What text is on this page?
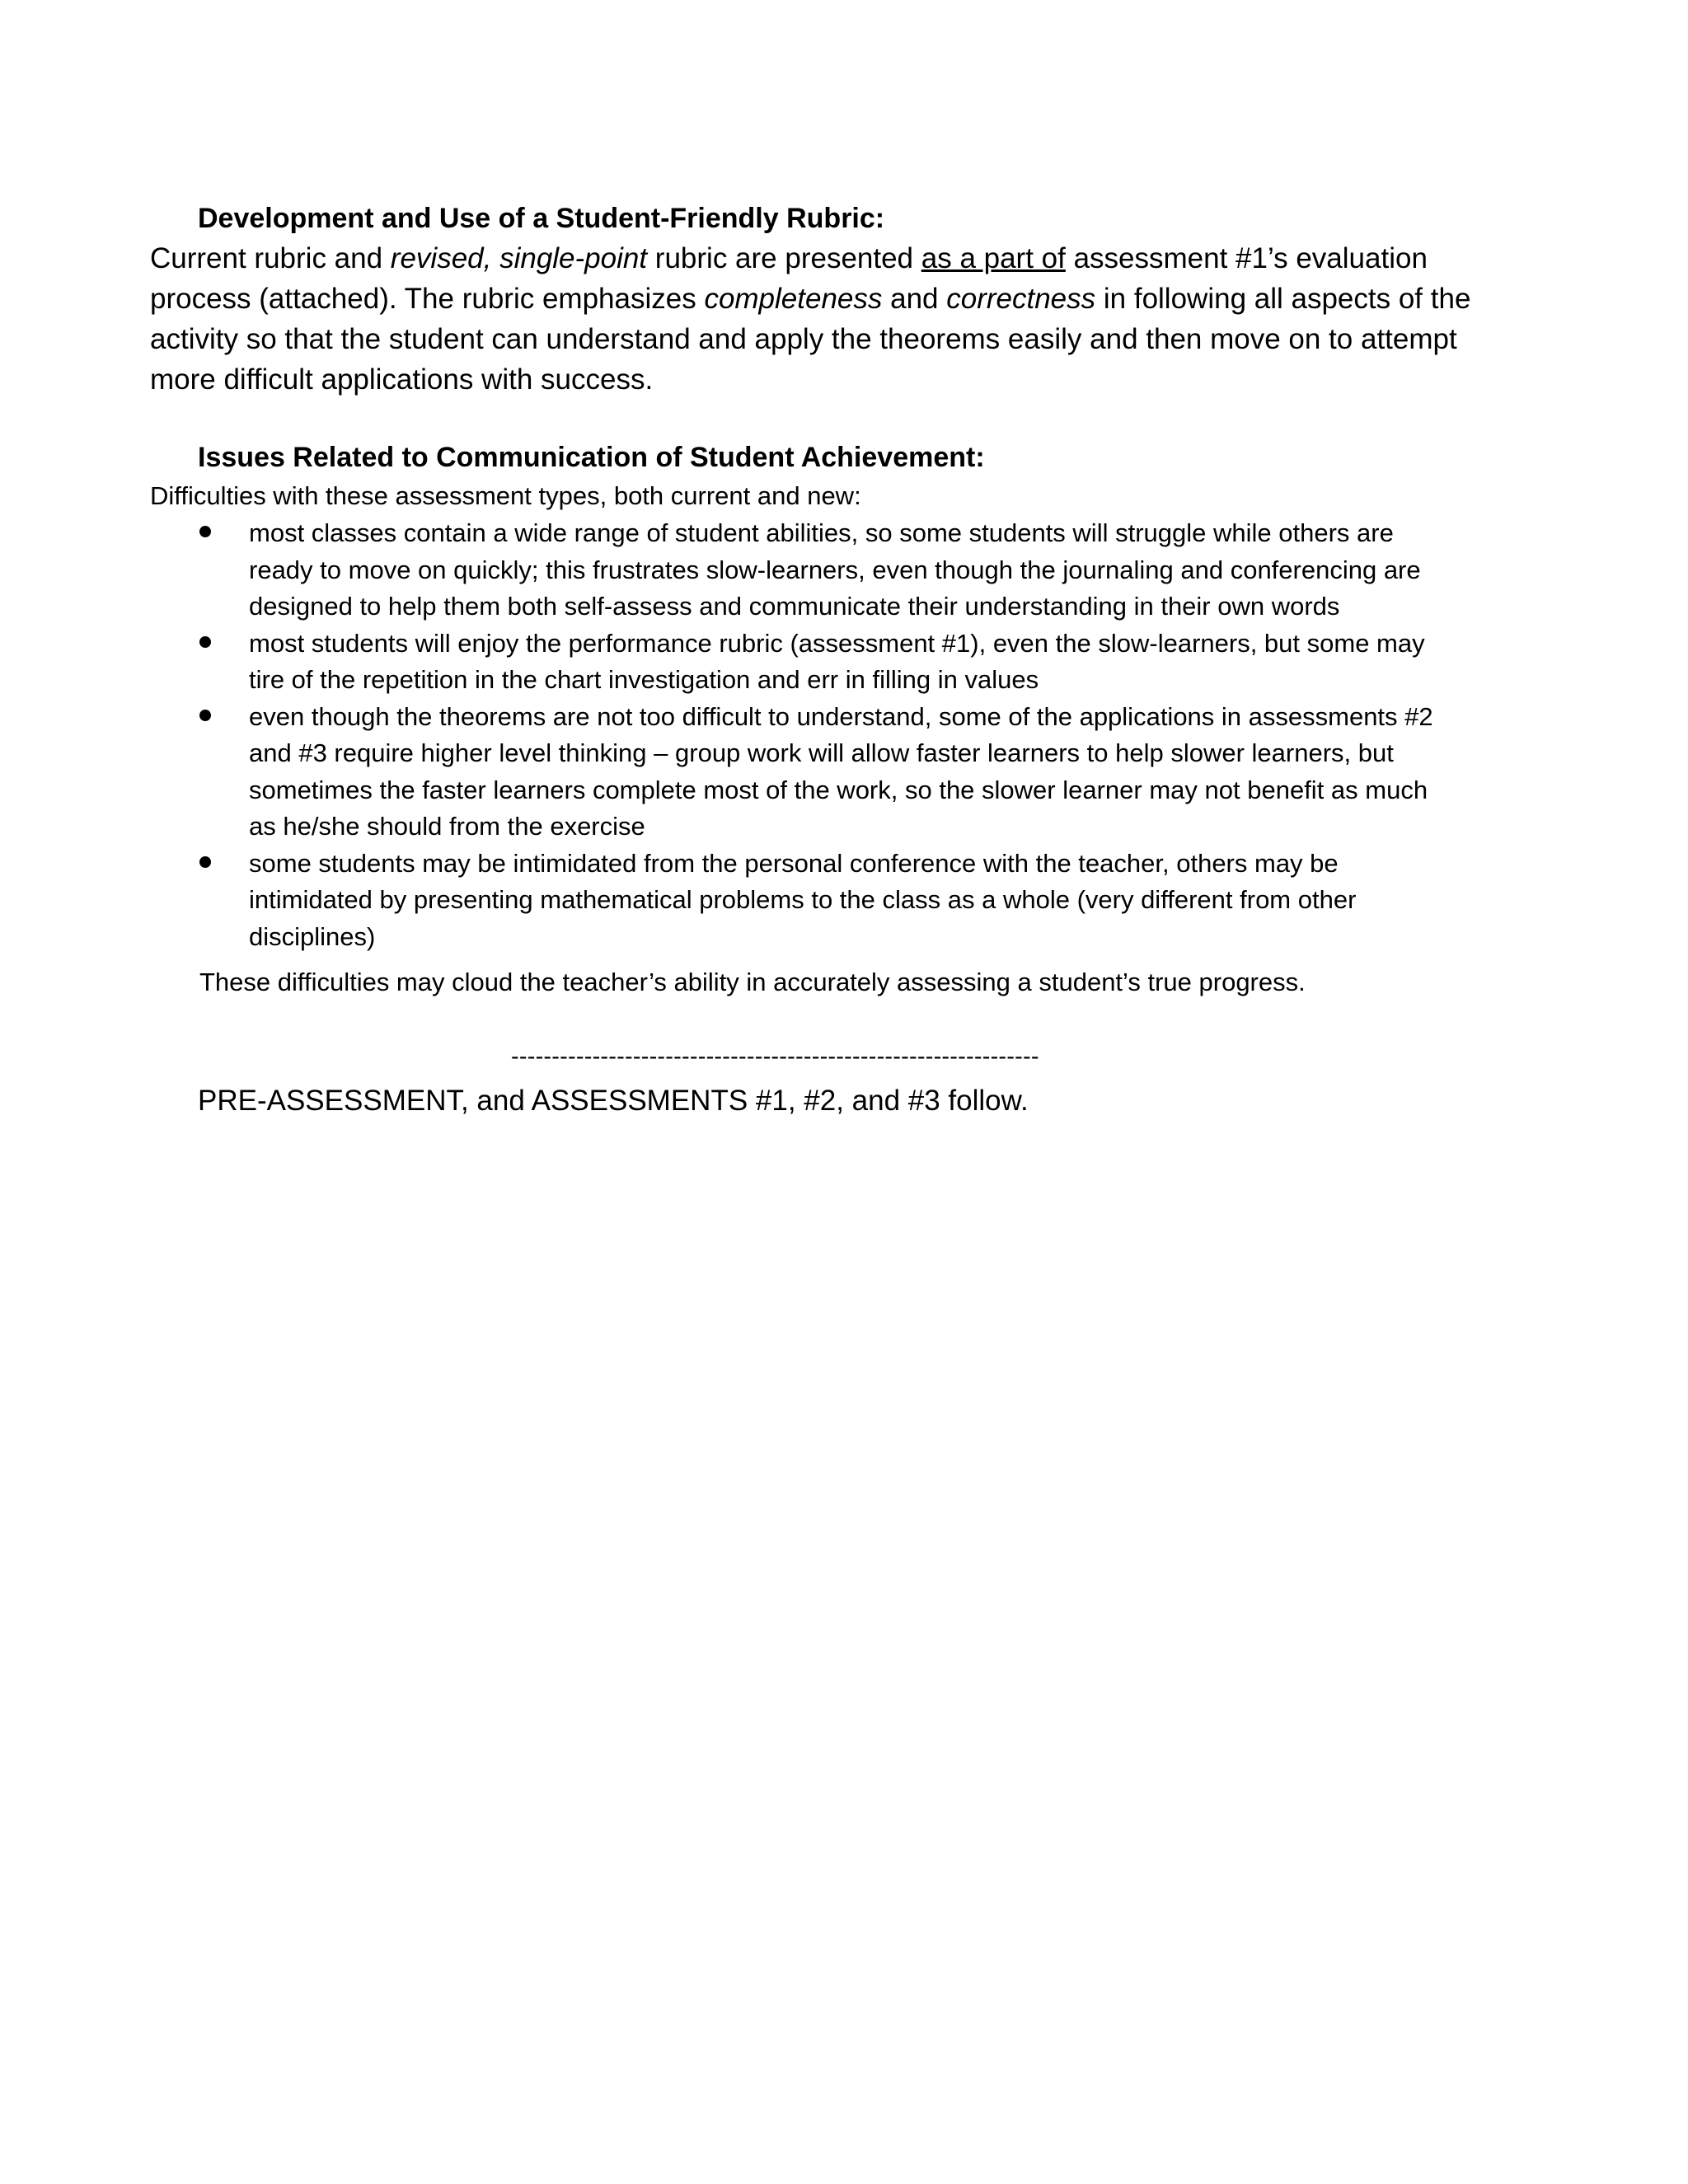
Development and Use of a Student-Friendly Rubric:
Current rubric and revised, single-point rubric are presented as a part of assessment #1’s evaluation
process (attached). The rubric emphasizes completeness and correctness in following all aspects of the
activity so that the student can understand and apply the theorems easily and then move on to attempt
more difficult applications with success.
Issues Related to Communication of Student Achievement:
Difficulties with these assessment types, both current and new:
most classes contain a wide range of student abilities, so some students will struggle while others are
ready to move on quickly; this frustrates slow-learners, even though the journaling and conferencing are
designed to help them both self-assess and communicate their understanding in their own words
most students will enjoy the performance rubric (assessment #1), even the slow-learners, but some may
tire of the repetition in the chart investigation and err in filling in values
even though the theorems are not too difficult to understand, some of the applications in assessments #2
and #3 require higher level thinking – group work will allow faster learners to help slower learners, but
sometimes the faster learners complete most of the work, so the slower learner may not benefit as much
as he/she should from the exercise
some students may be intimidated from the personal conference with the teacher, others may be
intimidated by presenting mathematical problems to the class as a whole (very different from other
disciplines)
These difficulties may cloud the teacher’s ability in accurately assessing a student’s true progress.
-----------------------------------------------------------------
PRE-ASSESSMENT, and ASSESSMENTS #1, #2, and #3 follow.
